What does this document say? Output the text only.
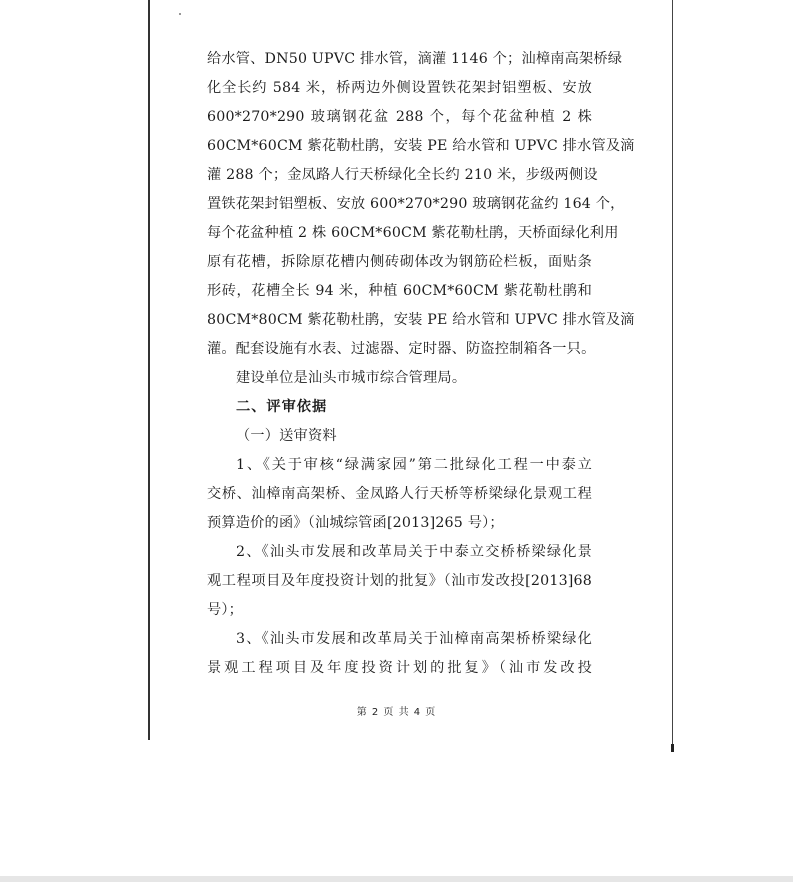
给水管、DN50 UPVC 排水管，滴灌 1146 个；汕樟南高架桥绿
化全长约 584 米，桥两边外侧设置铁花架封铝塑板、安放
600*270*290 玻璃钢花盆 288 个，每个花盆种植 2 株
60CM*60CM 紫花勒杜鹃，安装 PE 给水管和 UPVC 排水管及滴
灌 288 个；金凤路人行天桥绿化全长约 210 米，步级两侧设
置铁花架封铝塑板、安放 600*270*290 玻璃钢花盆约 164 个，
每个花盆种植 2 株 60CM*60CM 紫花勒杜鹃，天桥面绿化利用
原有花槽，拆除原花槽内侧砖砌体改为钢筋砼栏板，面贴条
形砖，花槽全长 94 米，种植 60CM*60CM 紫花勒杜鹃和
80CM*80CM 紫花勒杜鹃，安装 PE 给水管和 UPVC 排水管及滴
灌。配套设施有水表、过滤器、定时器、防盗控制箱各一只。
建设单位是汕头市城市综合管理局。
二、评审依据
（一）送审资料
1、《关于审核“绿满家园”第二批绿化工程一中泰立
交桥、汕樟南高架桥、金凤路人行天桥等桥梁绿化景观工程
预算造价的函》（汕城综管函[2013]265 号）；
2、《汕头市发展和改革局关于中泰立交桥桥梁绿化景
观工程项目及年度投资计划的批复》（汕市发改投[2013]68
号）；
3、《汕头市发展和改革局关于汕樟南高架桥桥梁绿化
景观工程项目及年度投资计划的批复》（汕市发改投
第 2 页 共 4 页
